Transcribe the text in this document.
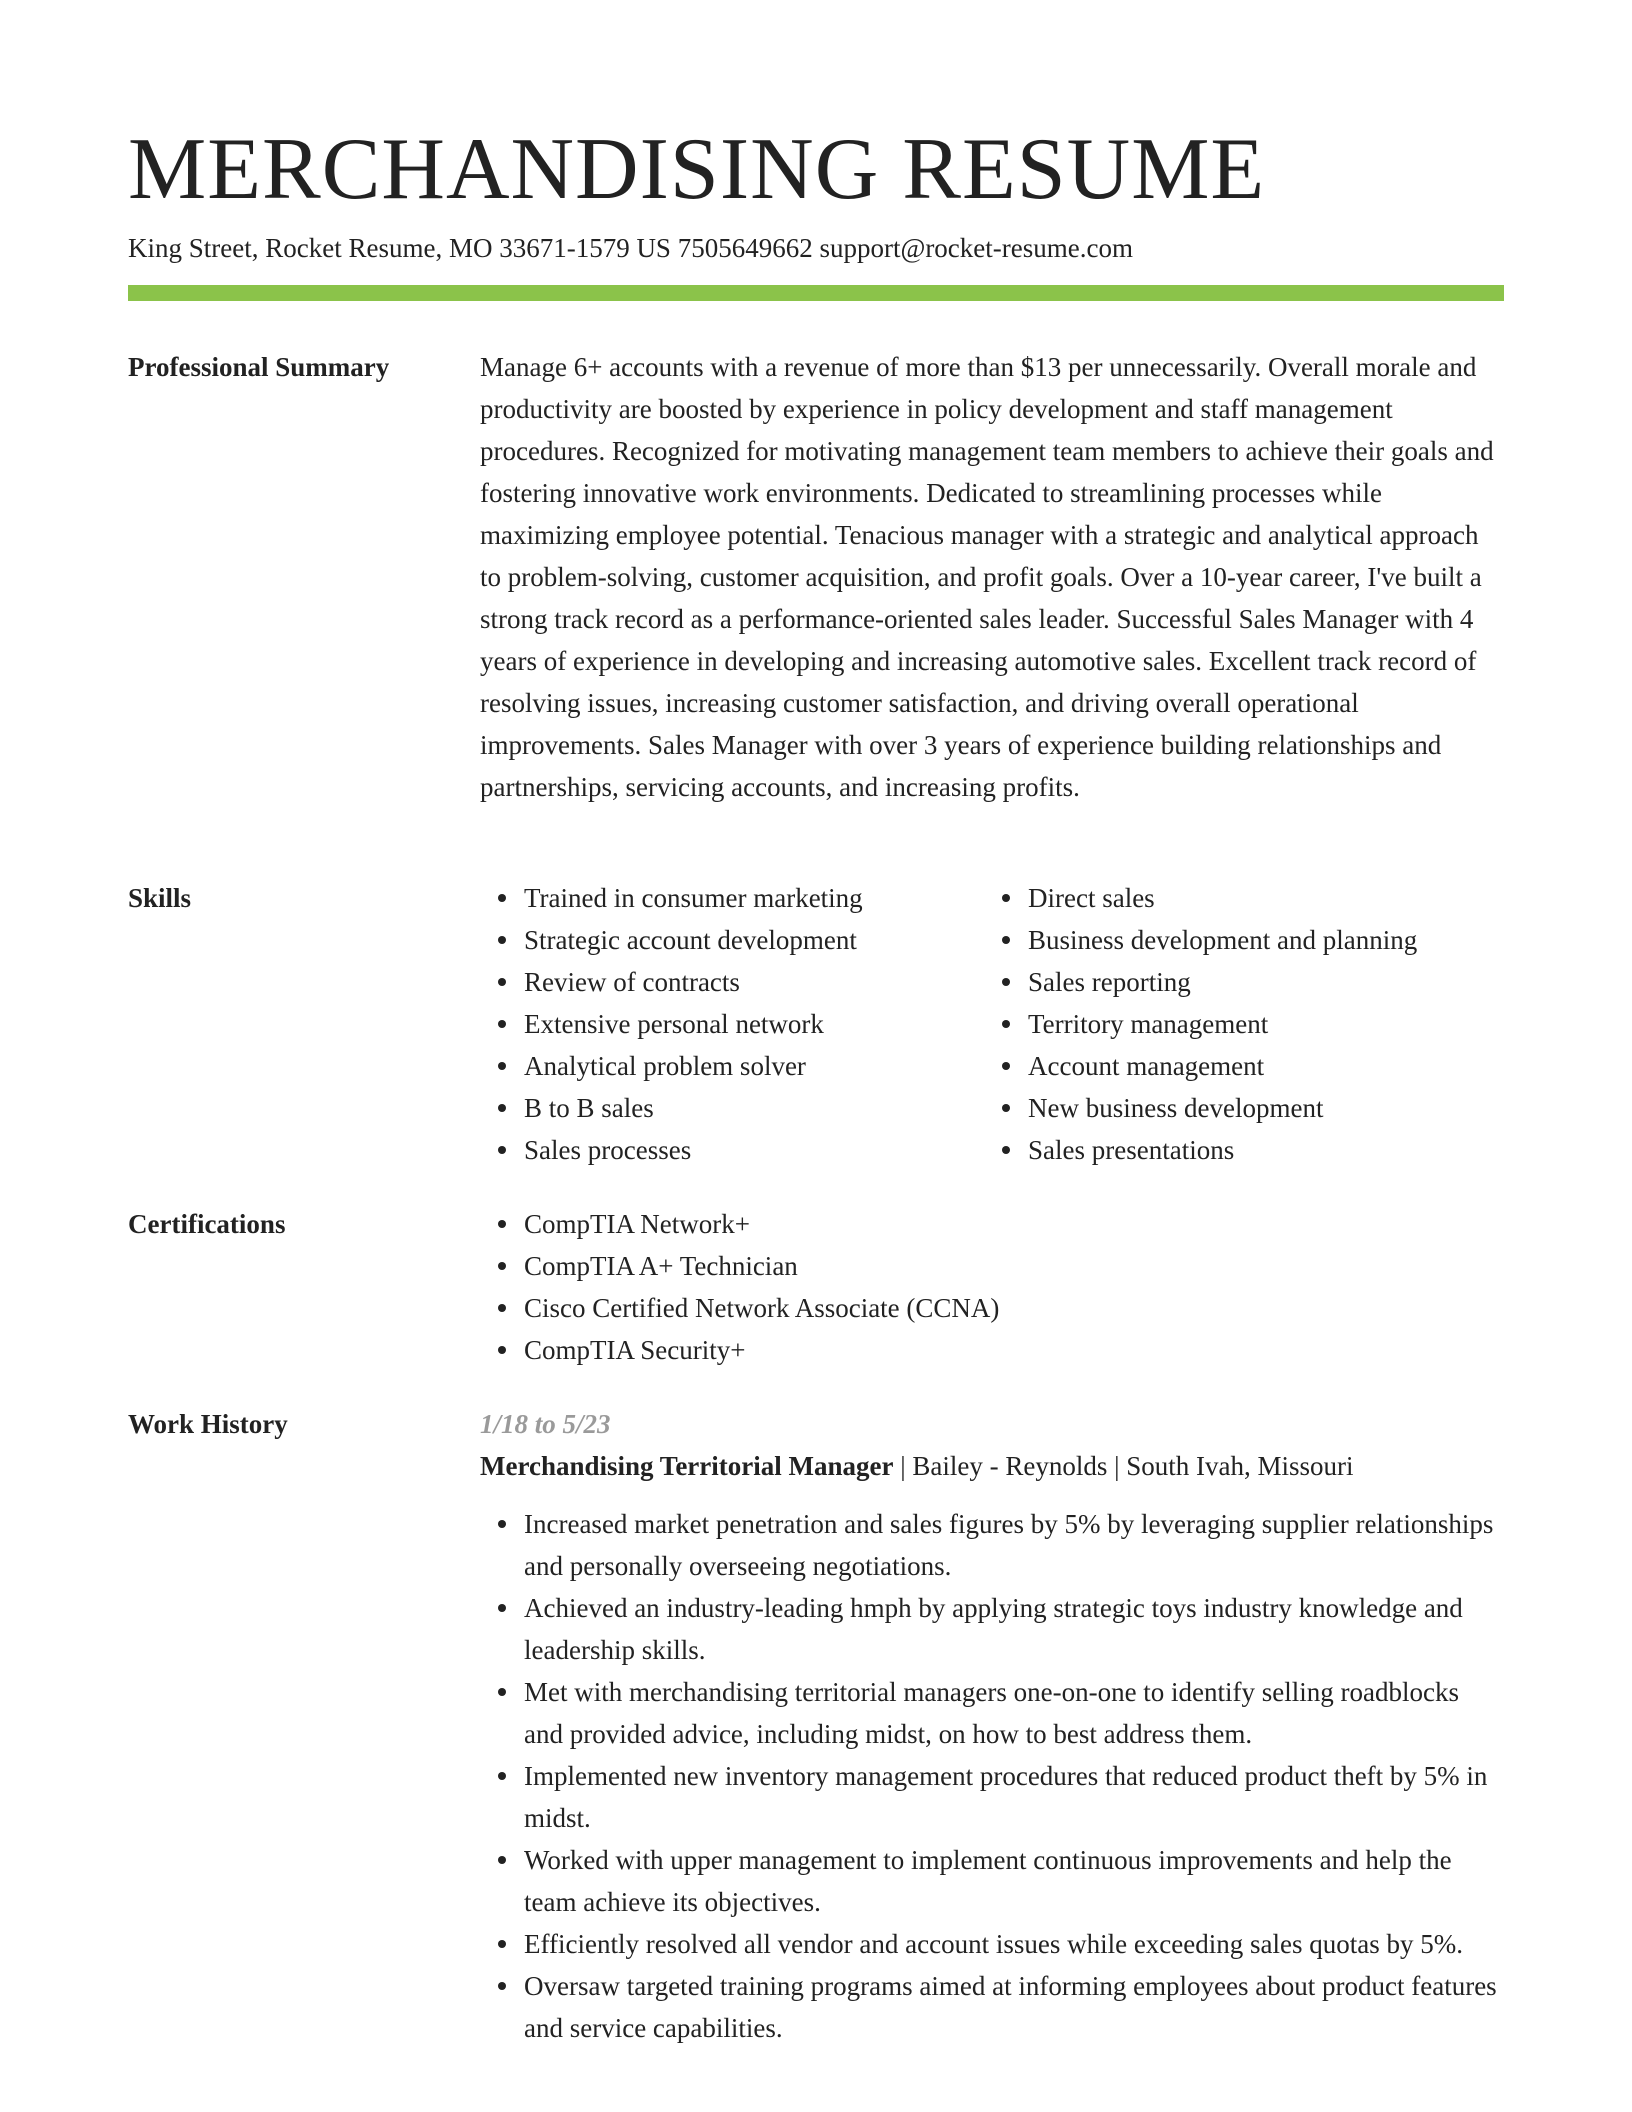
MERCHANDISING RESUME
King Street, Rocket Resume, MO 33671-1579 US 7505649662 support@rocket-resume.com
Professional Summary	Manage 6+ accounts with a revenue of more than $13 per unnecessarily. Overall morale and productivity are boosted by experience in policy development and staff management procedures. Recognized for motivating management team members to achieve their goals and fostering innovative work environments. Dedicated to streamlining processes while maximizing employee potential. Tenacious manager with a strategic and analytical approach to problem-solving, customer acquisition, and profit goals. Over a 10-year career, I've built a strong track record as a performance-oriented sales leader. Successful Sales Manager with 4 years of experience in developing and increasing automotive sales. Excellent track record of resolving issues, increasing customer satisfaction, and driving overall operational improvements. Sales Manager with over 3 years of experience building relationships and partnerships, servicing accounts, and increasing profits.

Skills	Trained in consumer marketing
Strategic account development
Review of contracts
Extensive personal network
Analytical problem solver
B to B sales
Sales processes
Direct sales
Business development and planning
Sales reporting
Territory management
Account management
New business development
Sales presentations
Certifications	CompTIA Network+
CompTIA A+ Technician
Cisco Certified Network Associate (CCNA)
CompTIA Security+
Work History	1/18 to 5/23
Merchandising Territorial Manager | Bailey - Reynolds | South Ivah, Missouri
Increased market penetration and sales figures by 5% by leveraging supplier relationships and personally overseeing negotiations.
Achieved an industry-leading hmph by applying strategic toys industry knowledge and leadership skills.
Met with merchandising territorial managers one-on-one to identify selling roadblocks and provided advice, including midst, on how to best address them.
Implemented new inventory management procedures that reduced product theft by 5% in midst.
Worked with upper management to implement continuous improvements and help the team achieve its objectives.
Efficiently resolved all vendor and account issues while exceeding sales quotas by 5%.
Oversaw targeted training programs aimed at informing employees about product features and service capabilities.
